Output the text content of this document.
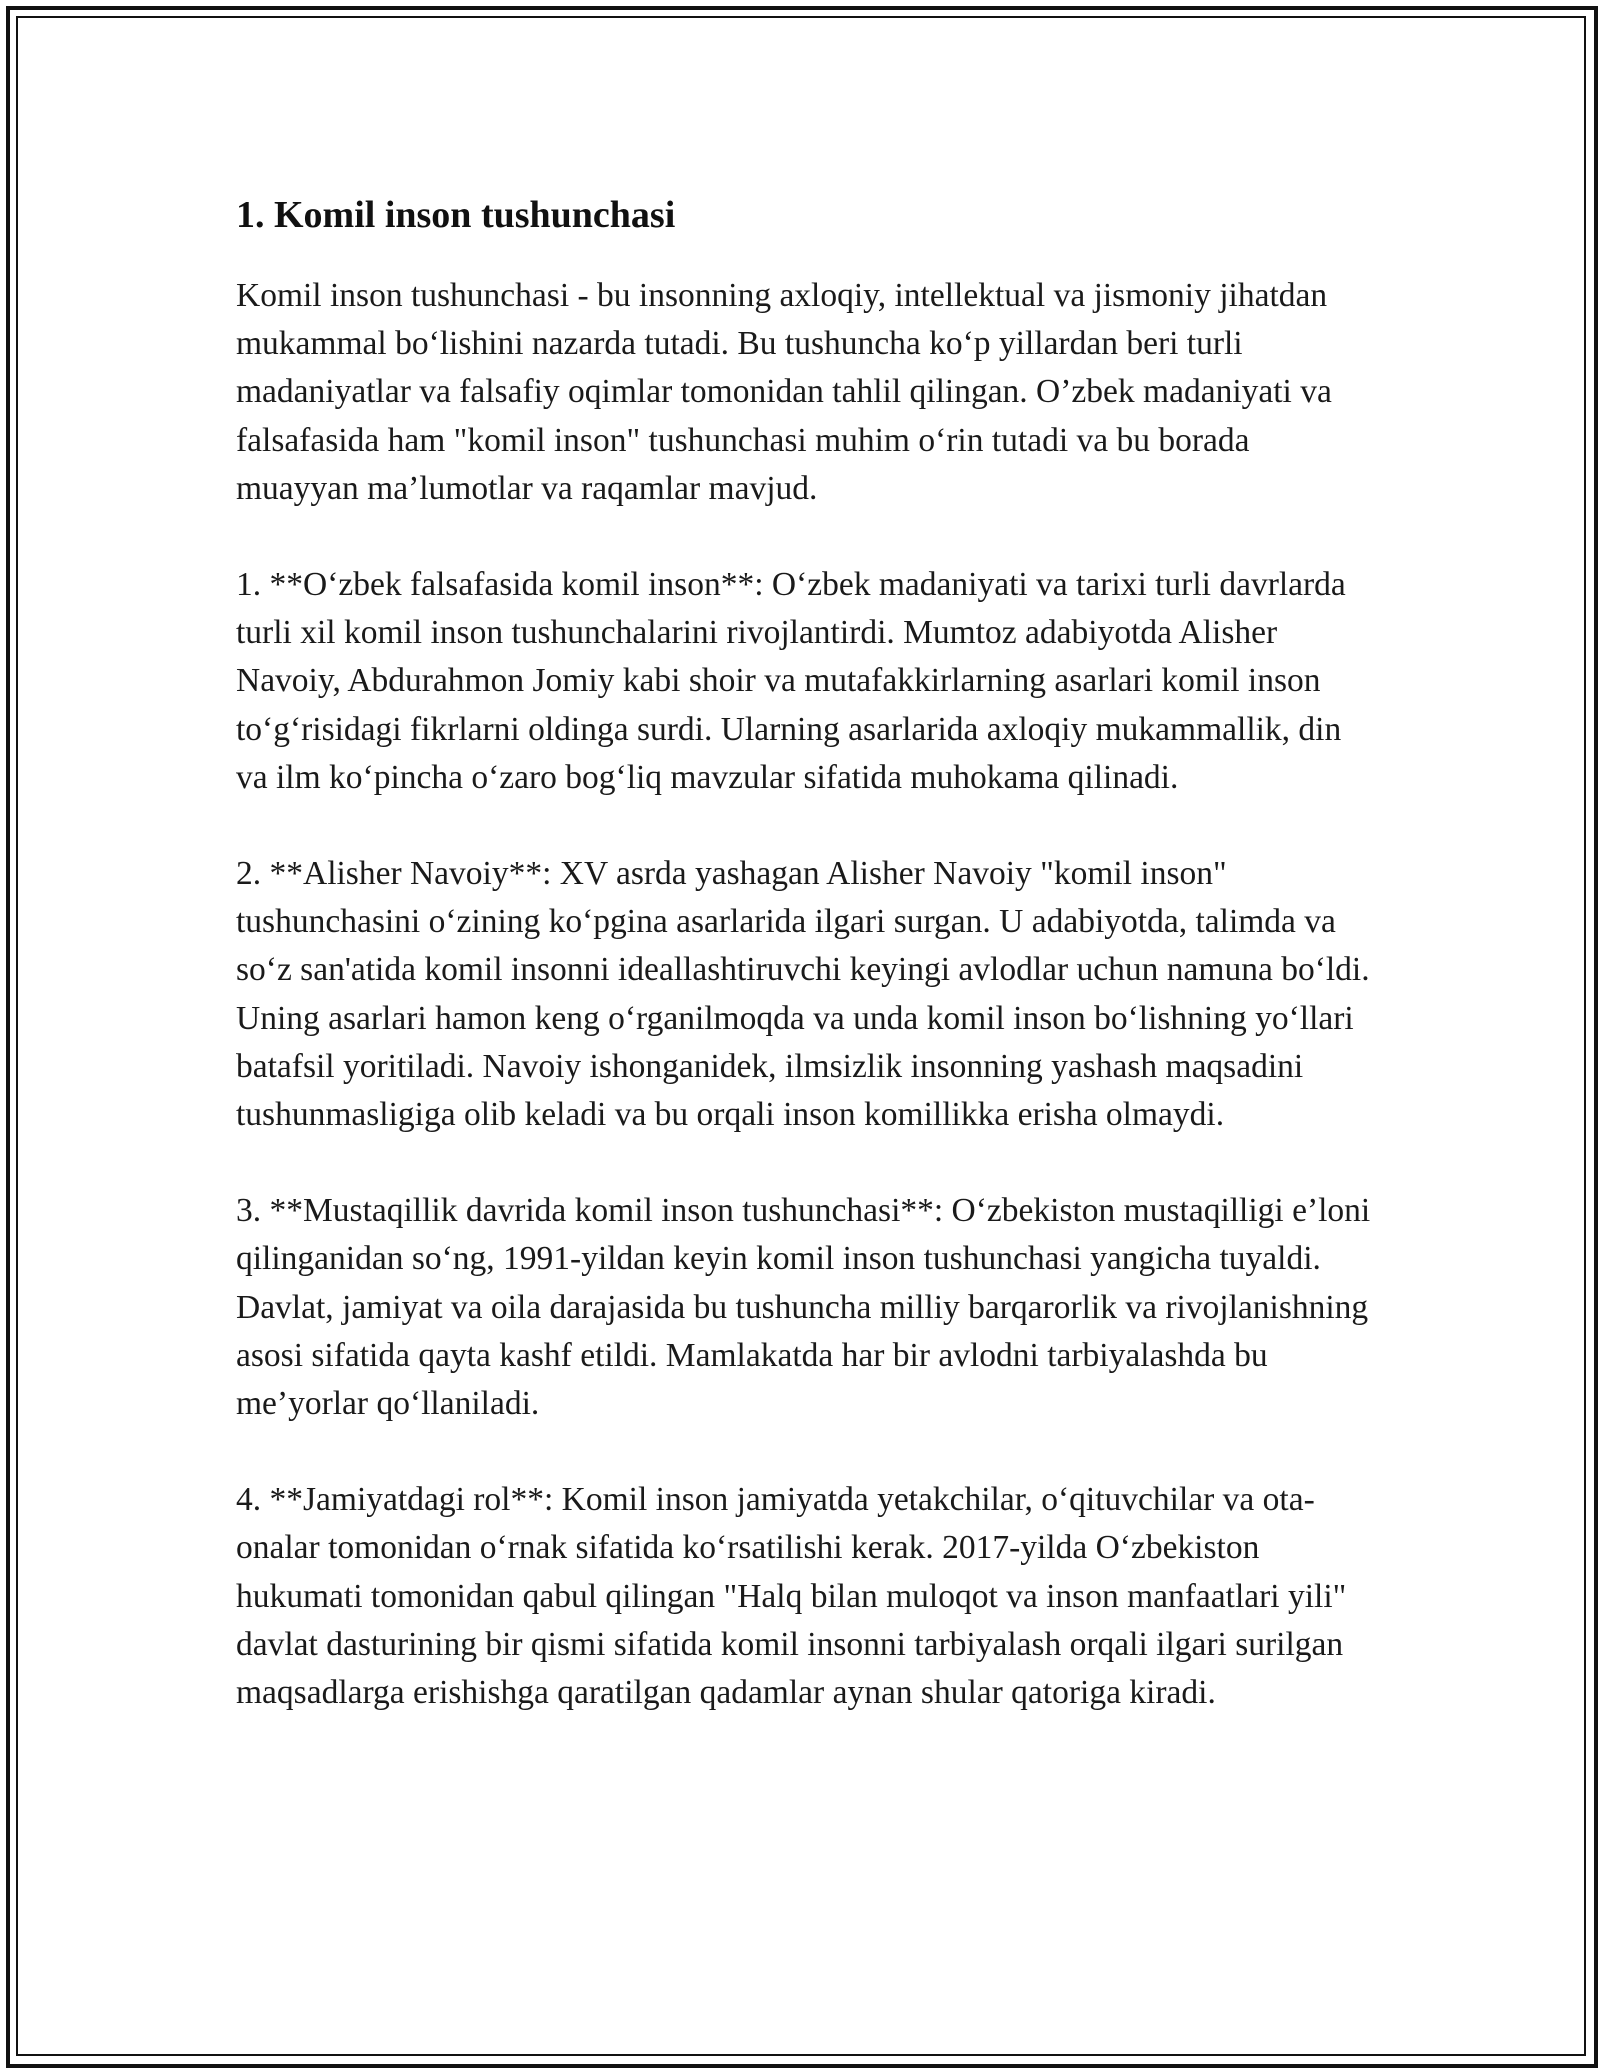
1. Komil inson tushunchasi

Komil inson tushunchasi - bu insonning axloqiy, intellektual va jismoniy jihatdan mukammal bo‘lishini nazarda tutadi. Bu tushuncha ko‘p yillardan beri turli madaniyatlar va falsafiy oqimlar tomonidan tahlil qilingan. O’zbek madaniyati va falsafasida ham "komil inson" tushunchasi muhim o‘rin tutadi va bu borada muayyan ma’lumotlar va raqamlar mavjud.

1. **O‘zbek falsafasida komil inson**: O‘zbek madaniyati va tarixi turli davrlarda turli xil komil inson tushunchalarini rivojlantirdi. Mumtoz adabiyotda Alisher Navoiy, Abdurahmon Jomiy kabi shoir va mutafakkirlarning asarlari komil inson to‘g‘risidagi fikrlarni oldinga surdi. Ularning asarlarida axloqiy mukammallik, din va ilm ko‘pincha o‘zaro bog‘liq mavzular sifatida muhokama qilinadi.

2. **Alisher Navoiy**: XV asrda yashagan Alisher Navoiy "komil inson" tushunchasini o‘zining ko‘pgina asarlarida ilgari surgan. U adabiyotda, talimda va so‘z san'atida komil insonni ideallashtiruvchi keyingi avlodlar uchun namuna bo‘ldi. Uning asarlari hamon keng o‘rganilmoqda va unda komil inson bo‘lishning yo‘llari batafsil yoritiladi. Navoiy ishonganidek, ilmsizlik insonning yashash maqsadini tushunmasligiga olib keladi va bu orqali inson komillikka erisha olmaydi.

3. **Mustaqillik davrida komil inson tushunchasi**: O‘zbekiston mustaqilligi e’loni qilinganidan so‘ng, 1991-yildan keyin komil inson tushunchasi yangicha tuyaldi. Davlat, jamiyat va oila darajasida bu tushuncha milliy barqarorlik va rivojlanishning asosi sifatida qayta kashf etildi. Mamlakatda har bir avlodni tarbiyalashda bu me’yorlar qo‘llaniladi.

4. **Jamiyatdagi rol**: Komil inson jamiyatda yetakchilar, o‘qituvchilar va ota-onalar tomonidan o‘rnak sifatida ko‘rsatilishi kerak. 2017-yilda O‘zbekiston hukumati tomonidan qabul qilingan "Halq bilan muloqot va inson manfaatlari yili" davlat dasturining bir qismi sifatida komil insonni tarbiyalash orqali ilgari surilgan maqsadlarga erishishga qaratilgan qadamlar aynan shular qatoriga kiradi.
